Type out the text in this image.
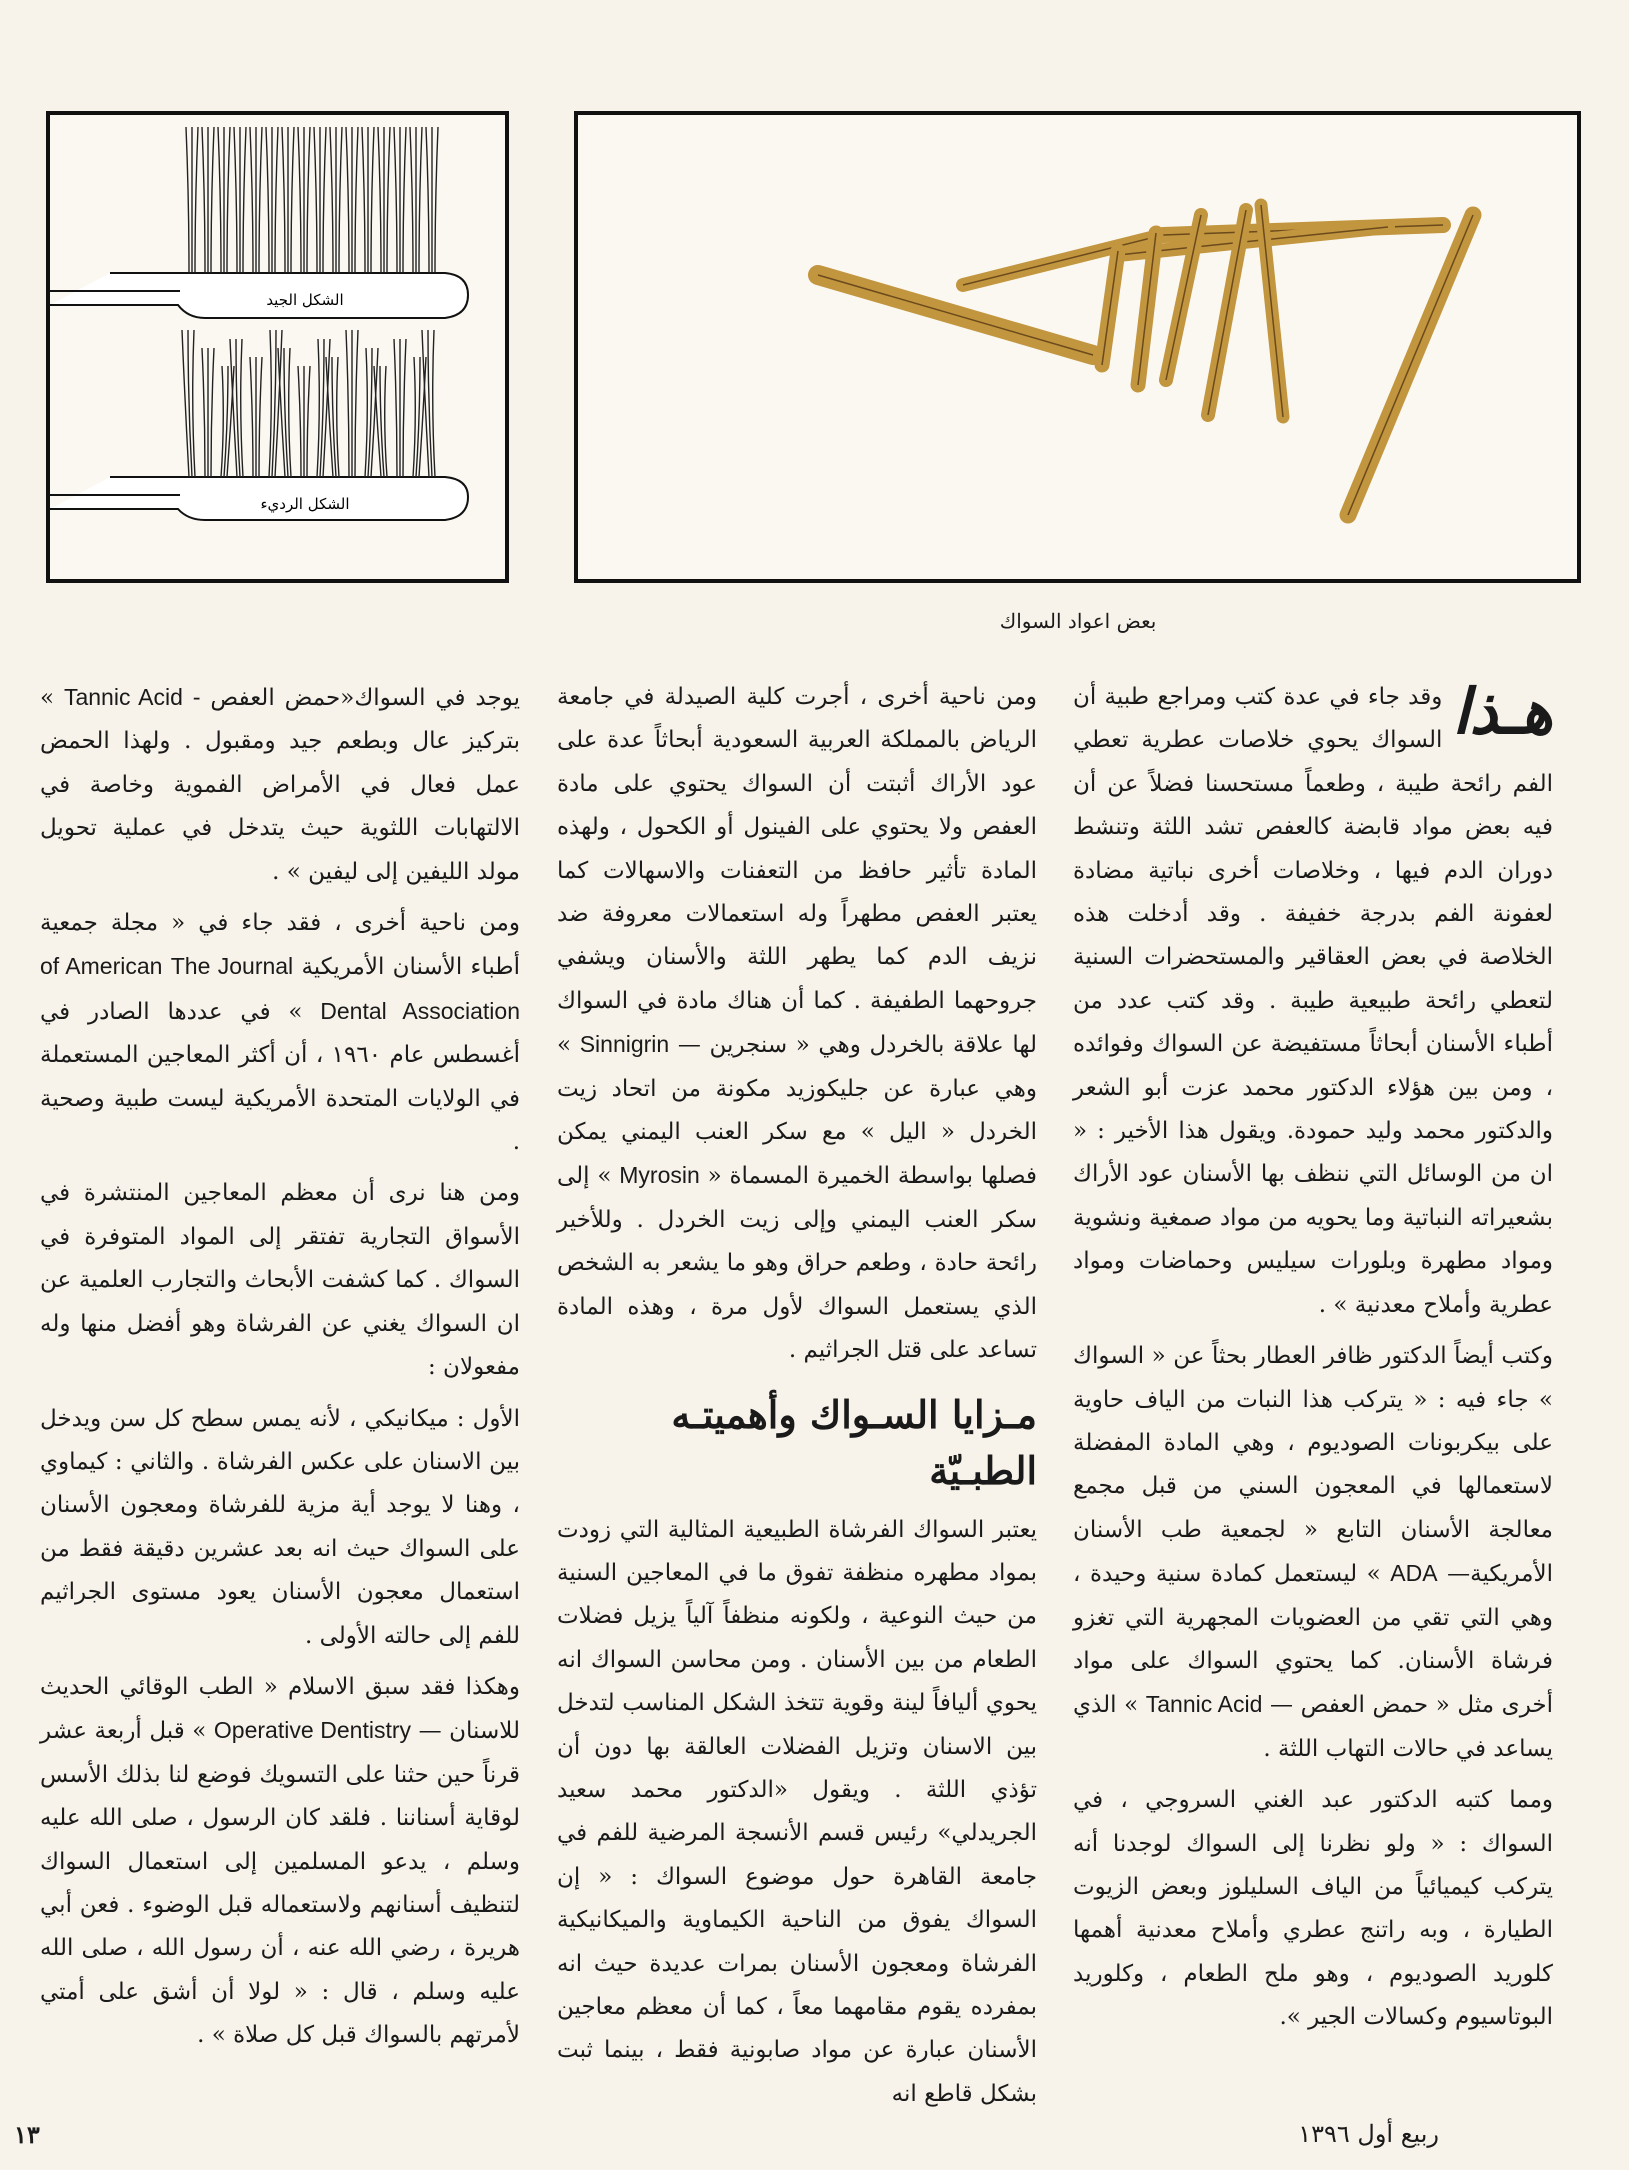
الشكل الجيد
الشكل الرديء
بعض اعواد السواك

هـذا
وقد جاء في عدة كتب ومراجع طبية أن السواك يحوي خلاصات عطرية تعطي الفم رائحة طيبة ، وطعماً مستحسنا فضلاً عن أن فيه بعض مواد قابضة كالعفص تشد اللثة وتنشط دوران الدم فيها ، وخلاصات أخرى نباتية مضادة لعفونة الفم بدرجة خفيفة . وقد أدخلت هذه الخلاصة في بعض العقاقير والمستحضرات السنية لتعطي رائحة طبيعية طيبة . وقد كتب عدد من أطباء الأسنان أبحاثاً مستفيضة عن السواك وفوائده ، ومن بين هؤلاء الدكتور محمد عزت أبو الشعر والدكتور محمد وليد حمودة. ويقول هذا الأخير : « ان من الوسائل التي ننظف بها الأسنان عود الأراك بشعيراته النباتية وما يحويه من مواد صمغية ونشوية ومواد مطهرة وبلورات سيليس وحماضات ومواد عطرية وأملاح معدنية » .

وكتب أيضاً الدكتور ظافر العطار بحثاً عن « السواك » جاء فيه : « يتركب هذا النبات من الياف حاوية على بيكربونات الصوديوم ، وهي المادة المفضلة لاستعمالها في المعجون السني من قبل مجمع معالجة الأسنان التابع « لجمعية طب الأسنان الأمريكية— ADA » ليستعمل كمادة سنية وحيدة ، وهي التي تقي من العضويات المجهرية التي تغزو فرشاة الأسنان. كما يحتوي السواك على مواد أخرى مثل « حمض العفص — Tannic Acid » الذي يساعد في حالات التهاب اللثة .

ومما كتبه الدكتور عبد الغني السروجي ، في السواك : « ولو نظرنا إلى السواك لوجدنا أنه يتركب كيميائياً من الياف السليلوز وبعض الزيوت الطيارة ، وبه راتنج عطري وأملاح معدنية أهمها كلوريد الصوديوم ، وهو ملح الطعام ، وكلوريد البوتاسيوم وكسالات الجير ».

ومن ناحية أخرى ، أجرت كلية الصيدلة في جامعة الرياض بالمملكة العربية السعودية أبحاثاً عدة على عود الأراك أثبتت أن السواك يحتوي على مادة العفص ولا يحتوي على الفينول أو الكحول ، ولهذه المادة تأثير حافظ من التعفنات والاسهالات كما يعتبر العفص مطهراً وله استعمالات معروفة ضد نزيف الدم كما يطهر اللثة والأسنان ويشفي جروحهما الطفيفة . كما أن هناك مادة في السواك لها علاقة بالخردل وهي « سنجرين — Sinnigrin » وهي عبارة عن جليكوزيد مكونة من اتحاد زيت الخردل « اليل » مع سكر العنب اليمني يمكن فصلها بواسطة الخميرة المسماة « Myrosin » إلى سكر العنب اليمني وإلى زيت الخردل . وللأخير رائحة حادة ، وطعم حراق وهو ما يشعر به الشخص الذي يستعمل السواك لأول مرة ، وهذه المادة تساعد على قتل الجراثيم .

مـزايا السـواك وأهميتـه الطبـيّة

يعتبر السواك الفرشاة الطبيعية المثالية التي زودت بمواد مطهره منظفة تفوق ما في المعاجين السنية من حيث النوعية ، ولكونه منظفاً آلياً يزيل فضلات الطعام من بين الأسنان . ومن محاسن السواك انه يحوي أليافاً لينة وقوية تتخذ الشكل المناسب لتدخل بين الاسنان وتزيل الفضلات العالقة بها دون أن تؤذي اللثة . ويقول «الدكتور محمد سعيد الجريدلي» رئيس قسم الأنسجة المرضية للفم في جامعة القاهرة حول موضوع السواك : « إن السواك يفوق من الناحية الكيماوية والميكانيكية الفرشاة ومعجون الأسنان بمرات عديدة حيث انه بمفرده يقوم مقامهما معاً ، كما أن معظم معاجين الأسنان عبارة عن مواد صابونية فقط ، بينما ثبت بشكل قاطع انه

يوجد في السواك«حمض العفص - Tannic Acid » بتركيز عال وبطعم جيد ومقبول . ولهذا الحمض عمل فعال في الأمراض الفموية وخاصة في الالتهابات اللثوية حيث يتدخل في عملية تحويل مولد الليفين إلى ليفين » .

ومن ناحية أخرى ، فقد جاء في « مجلة جمعية أطباء الأسنان الأمريكية The Journal of American Dental Association » في عددها الصادر في أغسطس عام ١٩٦٠ ، أن أكثر المعاجين المستعملة في الولايات المتحدة الأمريكية ليست طبية وصحية .

ومن هنا نرى أن معظم المعاجين المنتشرة في الأسواق التجارية تفتقر إلى المواد المتوفرة في السواك . كما كشفت الأبحاث والتجارب العلمية عن ان السواك يغني عن الفرشاة وهو أفضل منها وله مفعولان :

الأول : ميكانيكي ، لأنه يمس سطح كل سن ويدخل بين الاسنان على عكس الفرشاة . والثاني : كيماوي ، وهنا لا يوجد أية مزية للفرشاة ومعجون الأسنان على السواك حيث انه بعد عشرين دقيقة فقط من استعمال معجون الأسنان يعود مستوى الجراثيم للفم إلى حالته الأولى .

وهكذا فقد سبق الاسلام « الطب الوقائي الحديث للاسنان — Operative Dentistry » قبل أربعة عشر قرناً حين حثنا على التسويك فوضع لنا بذلك الأسس لوقاية أسناننا . فلقد كان الرسول ، صلى الله عليه وسلم ، يدعو المسلمين إلى استعمال السواك لتنظيف أسنانهم ولاستعماله قبل الوضوء . فعن أبي هريرة ، رضي الله عنه ، أن رسول الله ، صلى الله عليه وسلم ، قال : « لولا أن أشق على أمتي لأمرتهم بالسواك قبل كل صلاة » .

ربيع أول ١٣٩٦
١٣
